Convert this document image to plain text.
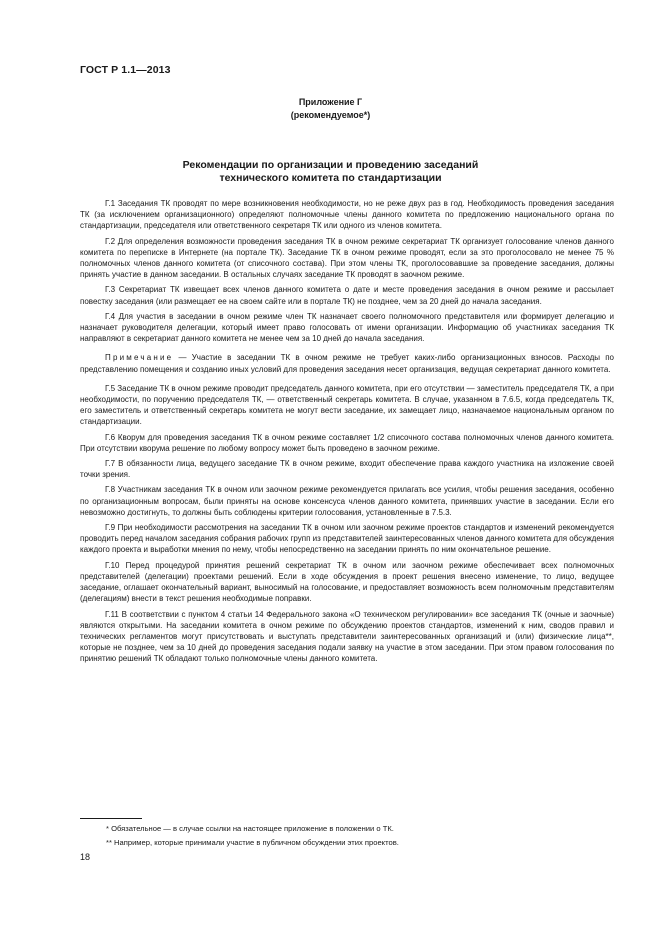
ГОСТ Р 1.1—2013
Приложение Г
(рекомендуемое*)
Рекомендации по организации и проведению заседаний
технического комитета по стандартизации

Г.1 Заседания ТК проводят по мере возникновения необходимости, но не реже двух раз в год. Необходимость проведения заседания ТК (за исключением организационного) определяют полномочные члены данного комитета по предложению национального органа по стандартизации, председателя или ответственного секретаря ТК или одного из членов комитета.

Г.2 Для определения возможности проведения заседания ТК в очном режиме секретариат ТК организует голосование членов данного комитета по переписке в Интернете (на портале ТК). Заседание ТК в очном режиме проводят, если за это проголосовало не менее 75 % полномочных членов данного комитета (от списочного состава). При этом члены ТК, проголосовавшие за проведение заседания, должны принять участие в данном заседании. В остальных случаях заседание ТК проводят в заочном режиме.

Г.3 Секретариат ТК извещает всех членов данного комитета о дате и месте проведения заседания в очном режиме и рассылает повестку заседания (или размещает ее на своем сайте или в портале ТК) не позднее, чем за 20 дней до начала заседания.

Г.4 Для участия в заседании в очном режиме член ТК назначает своего полномочного представителя или формирует делегацию и назначает руководителя делегации, который имеет право голосовать от имени организации. Информацию об участниках заседания ТК направляют в секретариат данного комитета не менее чем за 10 дней до начала заседания.

Примечание — Участие в заседании ТК в очном режиме не требует каких-либо организационных взносов. Расходы по представлению помещения и созданию иных условий для проведения заседания несет организация, ведущая секретариат данного комитета.

Г.5 Заседание ТК в очном режиме проводит председатель данного комитета, при его отсутствии — заместитель председателя ТК, а при необходимости, по поручению председателя ТК, — ответственный секретарь комитета. В случае, указанном в 7.6.5, когда председатель ТК, его заместитель и ответственный секретарь комитета не могут вести заседание, их замещает лицо, назначаемое национальным органом по стандартизации.

Г.6 Кворум для проведения заседания ТК в очном режиме составляет 1/2 списочного состава полномочных членов данного комитета. При отсутствии кворума решение по любому вопросу может быть проведено в заочном режиме.

Г.7 В обязанности лица, ведущего заседание ТК в очном режиме, входит обеспечение права каждого участника на изложение своей точки зрения.

Г.8 Участникам заседания ТК в очном или заочном режиме рекомендуется прилагать все усилия, чтобы решения заседания, особенно по организационным вопросам, были приняты на основе консенсуса членов данного комитета, принявших участие в заседании. Если его невозможно достигнуть, то должны быть соблюдены критерии голосования, установленные в 7.5.3.

Г.9 При необходимости рассмотрения на заседании ТК в очном или заочном режиме проектов стандартов и изменений рекомендуется проводить перед началом заседания собрания рабочих групп из представителей заинтересованных членов данного комитета для обсуждения каждого проекта и выработки мнения по нему, чтобы непосредственно на заседании принять по ним окончательное решение.

Г.10 Перед процедурой принятия решений секретариат ТК в очном или заочном режиме обеспечивает всех полномочных представителей (делегации) проектами решений. Если в ходе обсуждения в проект решения внесено изменение, то лицо, ведущее заседание, оглашает окончательный вариант, выносимый на голосование, и предоставляет возможность всем полномочным представителям (делегациям) внести в текст решения необходимые поправки.

Г.11 В соответствии с пунктом 4 статьи 14 Федерального закона «О техническом регулировании» все заседания ТК (очные и заочные) являются открытыми. На заседании комитета в очном режиме по обсуждению проектов стандартов, изменений к ним, сводов правил и технических регламентов могут присутствовать и выступать представители заинтересованных организаций и (или) физические лица**, которые не позднее, чем за 10 дней до проведения заседания подали заявку на участие в этом заседании. При этом правом голосования по принятию решений ТК обладают только полномочные члены данного комитета.

* Обязательное — в случае ссылки на настоящее приложение в положении о ТК.
** Например, которые принимали участие в публичном обсуждении этих проектов.
18
